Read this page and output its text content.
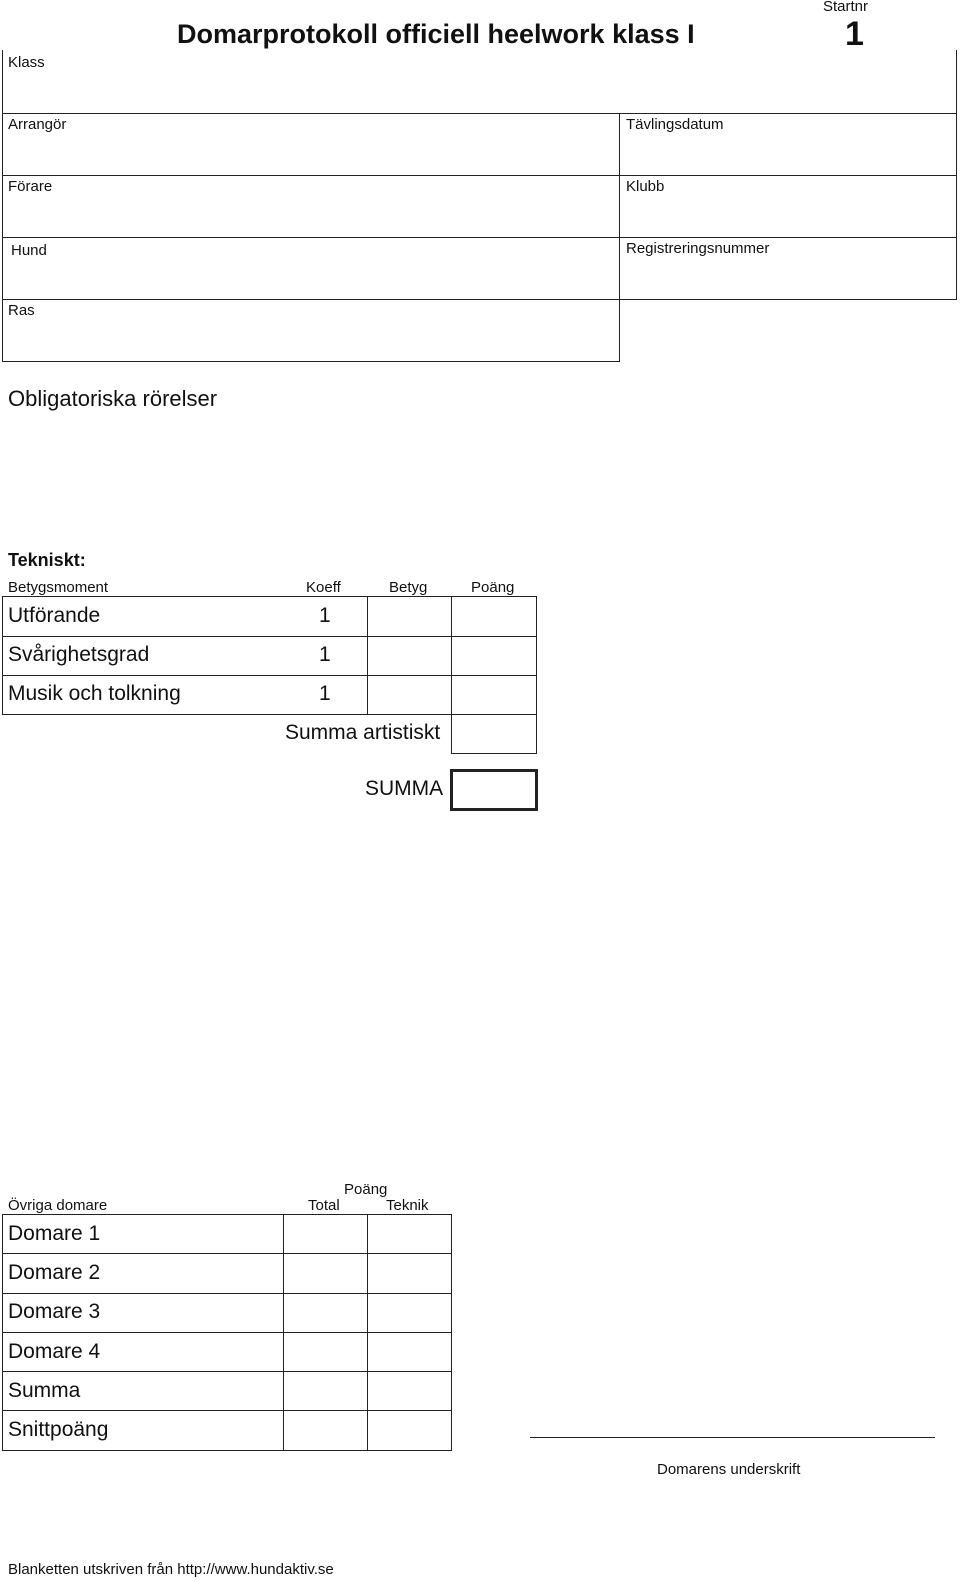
Startnr
1
Domarprotokoll officiell heelwork klass I
Klass
Arrangör	Tävlingsdatum
Förare	Klubb
Hund	Registreringsnummer
Ras
Obligatoriska rörelser
Tekniskt:
Betygsmoment	Koeff	Betyg	Poäng
Utförande	1
Svårighetsgrad	1
Musik och tolkning	1
Summa artistiskt
SUMMA
Poäng
Övriga domare	Total	Teknik
Domare 1
Domare 2
Domare 3
Domare 4
Summa
Snittpoäng
Domarens underskrift
Blanketten utskriven från http://www.hundaktiv.se
